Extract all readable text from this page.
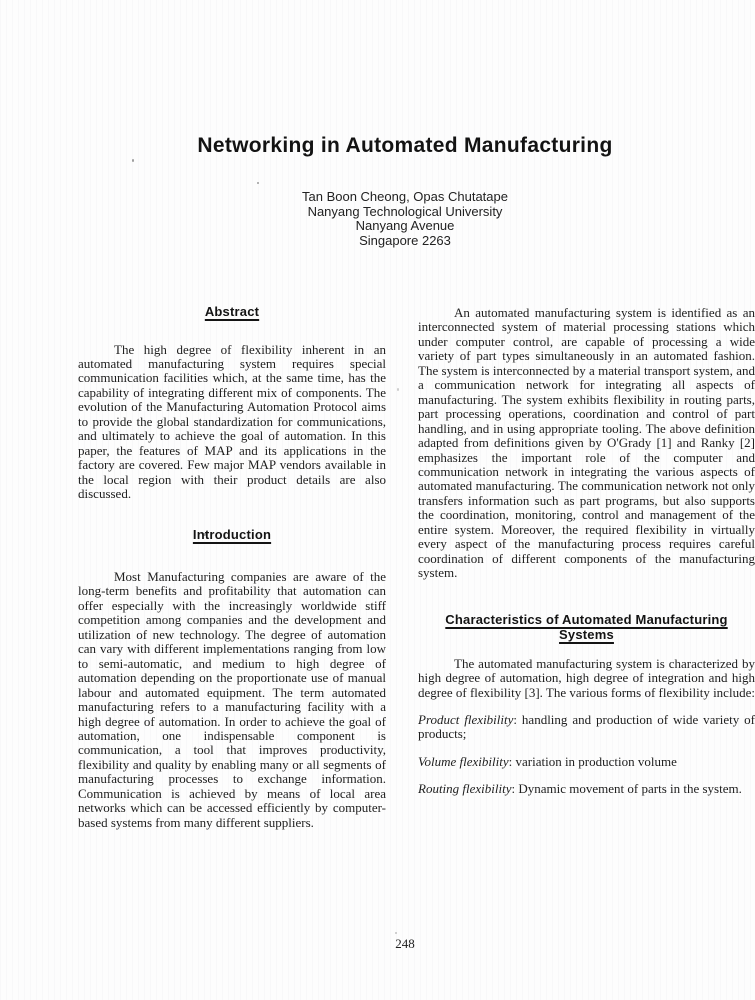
Networking in Automated Manufacturing
Tan Boon Cheong, Opas Chutatape
Nanyang Technological University
Nanyang Avenue
Singapore 2263
Abstract

The high degree of flexibility inherent in an automated manufacturing system requires special communication facilities which, at the same time, has the capability of integrating different mix of components. The evolution of the Manufacturing Automation Protocol aims to provide the global standardization for communications, and ultimately to achieve the goal of automation. In this paper, the features of MAP and its applications in the factory are covered. Few major MAP vendors available in the local region with their product details are also discussed.

Introduction

Most Manufacturing companies are aware of the long-term benefits and profitability that automation can offer especially with the increasingly worldwide stiff competition among companies and the development and utilization of new technology. The degree of automation can vary with different implementations ranging from low to semi-automatic, and medium to high degree of automation depending on the proportionate use of manual labour and automated equipment. The term automated manufacturing refers to a manufacturing facility with a high degree of automation. In order to achieve the goal of automation, one indispensable component is communication, a tool that improves productivity, flexibility and quality by enabling many or all segments of manufacturing processes to exchange information. Communication is achieved by means of local area networks which can be accessed efficiently by computer-based systems from many different suppliers.

An automated manufacturing system is identified as an interconnected system of material processing stations which under computer control, are capable of processing a wide variety of part types simultaneously in an automated fashion. The system is interconnected by a material transport system, and a communication network for integrating all aspects of manufacturing. The system exhibits flexibility in routing parts, part processing operations, coordination and control of part handling, and in using appropriate tooling. The above definition adapted from definitions given by O'Grady [1] and Ranky [2] emphasizes the important role of the computer and communication network in integrating the various aspects of automated manufacturing. The communication network not only transfers information such as part programs, but also supports the coordination, monitoring, control and management of the entire system. Moreover, the required flexibility in virtually every aspect of the manufacturing process requires careful coordination of different components of the manufacturing system.

Characteristics of Automated Manufacturing Systems

The automated manufacturing system is characterized by high degree of automation, high degree of integration and high degree of flexibility [3]. The various forms of flexibility include:

Product flexibility: handling and production of wide variety of products;

Volume flexibility: variation in production volume

Routing flexibility: Dynamic movement of parts in the system.

248
